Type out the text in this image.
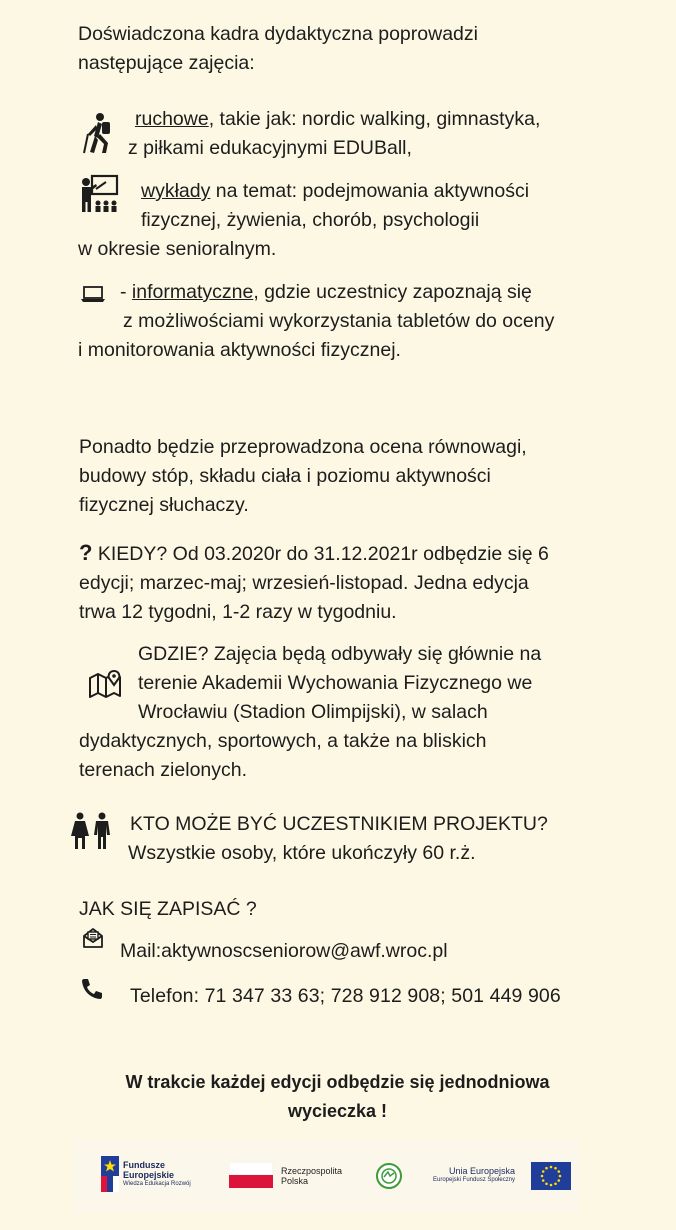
Doświadczona kadra dydaktyczna poprowadzi
następujące zajęcia:
ruchowe, takie jak: nordic walking, gimnastyka,
z piłkami edukacyjnymi EDUBall,
wykłady na temat: podejmowania aktywności
fizycznej, żywienia, chorób, psychologii
w okresie senioralnym.
- informatyczne, gdzie uczestnicy zapoznają się
z możliwościami wykorzystania tabletów do oceny
i monitorowania aktywności fizycznej.
Ponadto będzie przeprowadzona ocena równowagi,
budowy stóp, składu ciała i poziomu aktywności
fizycznej słuchaczy.
? KIEDY? Od 03.2020r do 31.12.2021r odbędzie się 6
edycji; marzec-maj; wrzesień-listopad. Jedna edycja
trwa 12 tygodni, 1-2 razy w tygodniu.
GDZIE? Zajęcia będą odbywały się głównie na
terenie Akademii Wychowania Fizycznego we
Wrocławiu (Stadion Olimpijski), w salach
dydaktycznych, sportowych, a także na bliskich
terenach zielonych.
KTO MOŻE BYĆ UCZESTNIKIEM PROJEKTU?
Wszystkie osoby, które ukończyły 60 r.ż.
JAK SIĘ ZAPISAĆ ?
Mail:aktywnoscseniorow@awf.wroc.pl
Telefon: 71 347 33 63; 728 912 908; 501 449 906
W trakcie każdej edycji odbędzie się jednodniowa
wycieczka !
Fundusze
Europejskie
Wiedza Edukacja Rozwój
Rzeczpospolita
Polska
Unia Europejska
Europejski Fundusz Społeczny
